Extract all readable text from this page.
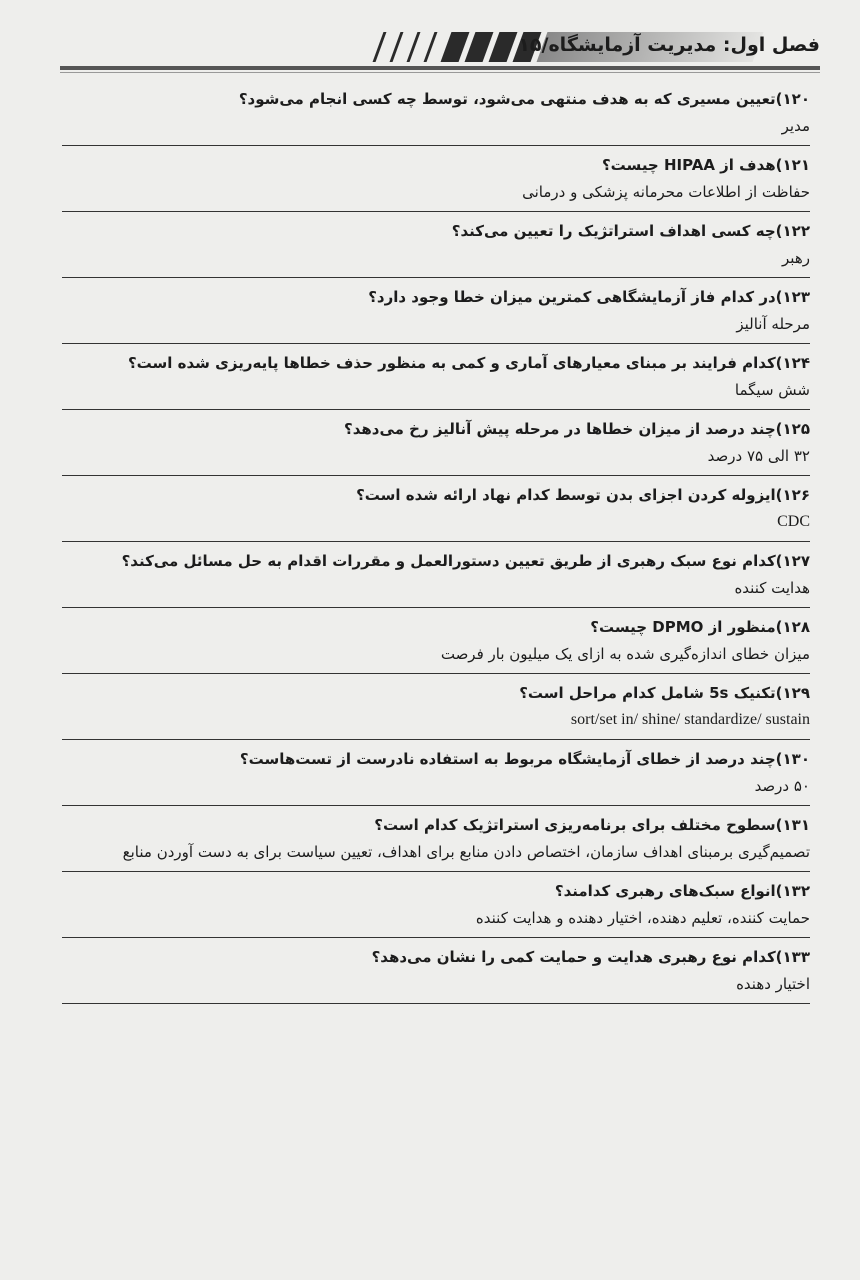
فصل اول: مدیریت آزمایشگاه/۱۵
۱۲۰)تعیین مسیری که به هدف منتهی می‌شود، توسط چه کسی انجام می‌شود؟
مدیر
۱۲۱)هدف از HIPAA چیست؟
حفاظت از اطلاعات محرمانه پزشکی و درمانی
۱۲۲)چه کسی اهداف استراتژیک را تعیین می‌کند؟
رهبر
۱۲۳)در کدام فاز آزمایشگاهی کمترین میزان خطا وجود دارد؟
مرحله آنالیز
۱۲۴)کدام فرایند بر مبنای معیارهای آماری و کمی به منظور حذف خطاها پایه‌ریزی شده است؟
شش سیگما
۱۲۵)چند درصد از میزان خطاها در مرحله پیش آنالیز رخ می‌دهد؟
۳۲ الی ۷۵ درصد
۱۲۶)ایزوله کردن اجزای بدن توسط کدام نهاد ارائه شده است؟
CDC
۱۲۷)کدام نوع سبک رهبری از طریق تعیین دستورالعمل و مقررات اقدام به حل مسائل می‌کند؟
هدایت کننده
۱۲۸)منظور از DPMO چیست؟
میزان خطای اندازه‌گیری شده به ازای یک میلیون بار فرصت
۱۲۹)تکنیک 5s شامل کدام مراحل است؟
sort/set in/ shine/ standardize/ sustain
۱۳۰)چند درصد از خطای آزمایشگاه مربوط به استفاده نادرست از تست‌هاست؟
۵۰ درصد
۱۳۱)سطوح مختلف برای برنامه‌ریزی استراتژیک کدام است؟
تصمیم‌گیری برمبنای اهداف سازمان، اختصاص دادن منابع برای اهداف، تعیین سیاست برای به دست آوردن منابع
۱۳۲)انواع سبک‌های رهبری کدامند؟
حمایت کننده، تعلیم دهنده، اختیار دهنده و هدایت کننده
۱۳۳)کدام نوع رهبری هدایت و حمایت کمی را نشان می‌دهد؟
اختیار دهنده
